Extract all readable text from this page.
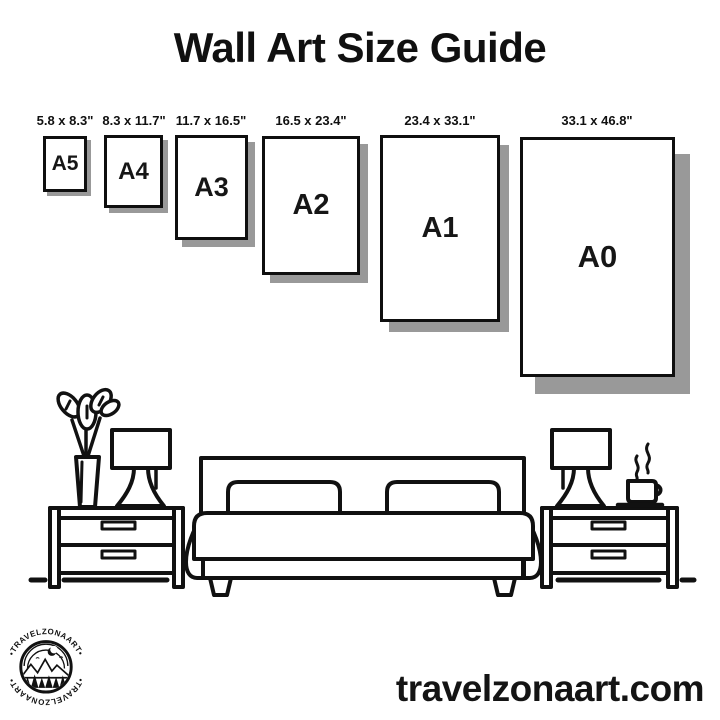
Wall Art Size Guide
5.8 x 8.3"
A5
8.3 x 11.7"
A4
11.7 x 16.5"
A3
16.5 x 23.4"
A2
23.4 x 33.1"
A1
33.1 x 46.8"
A0
•TRAVELZONAART•
•TRAVELZONAART•	travelzonaart.com
